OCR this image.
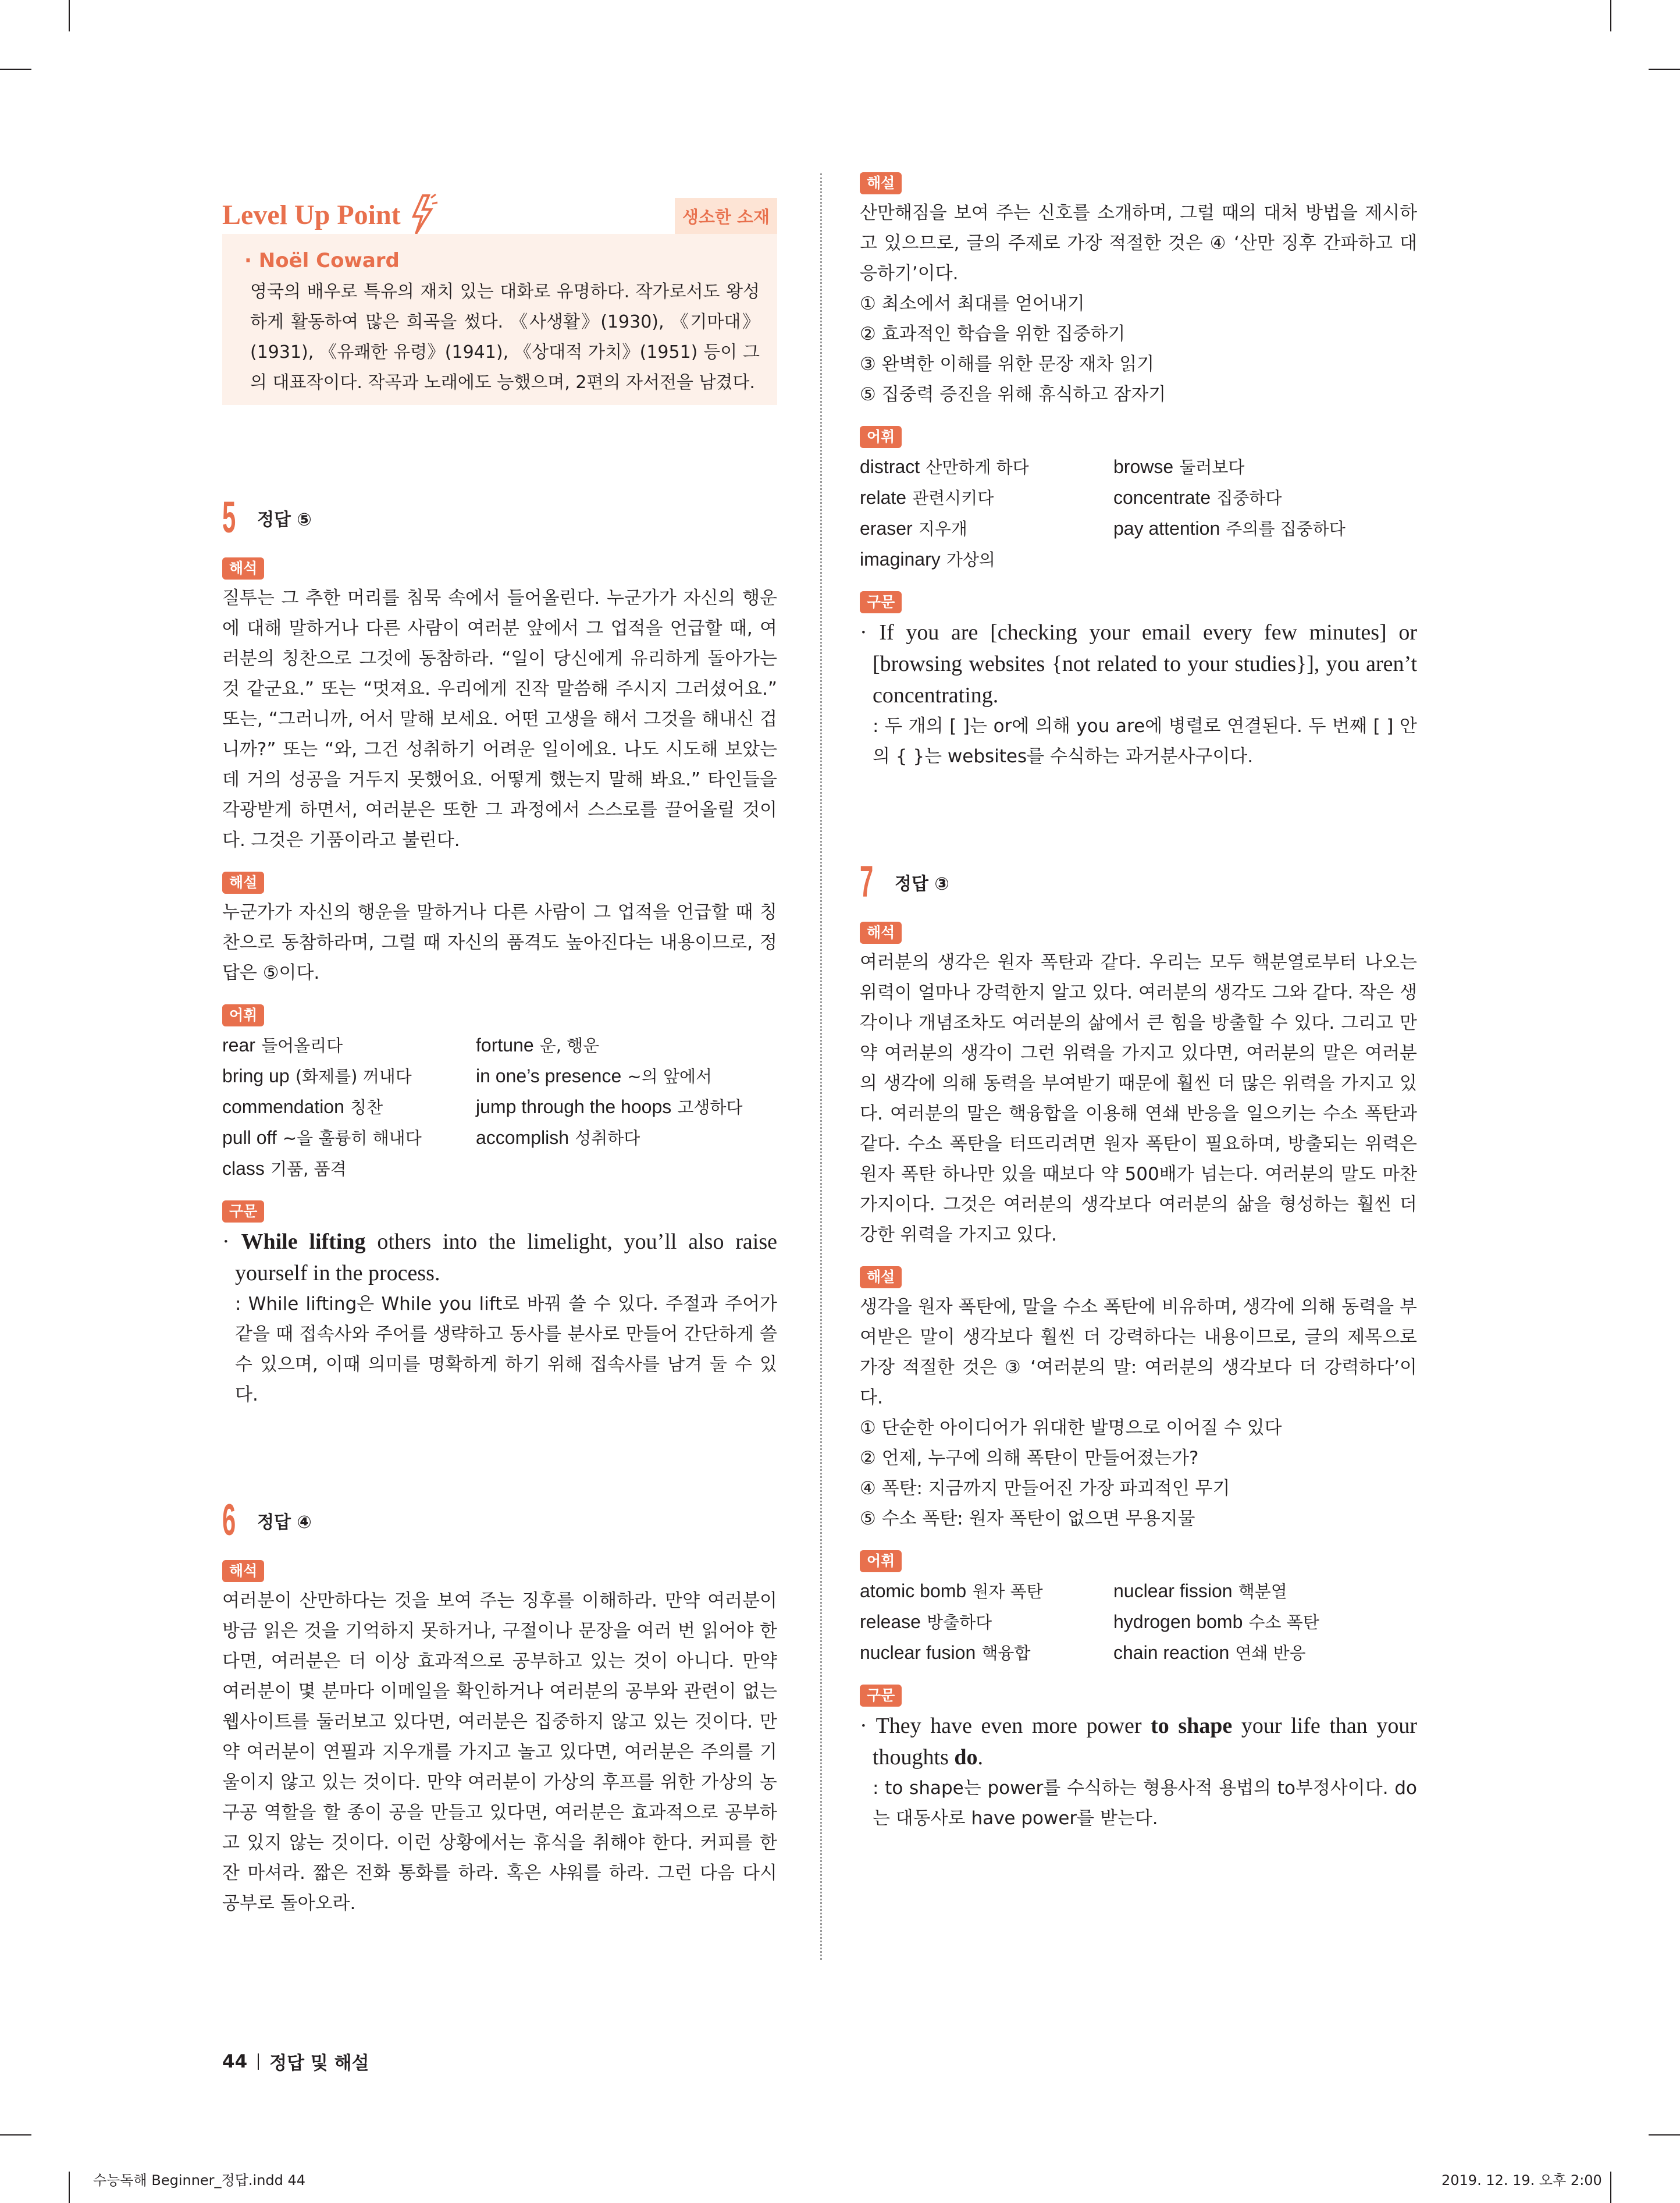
Level Up Point	생소한 소재
· Noël Coward
영국의 배우로 특유의 재치 있는 대화로 유명하다. 작가로서도 왕성하게 활동하여 많은 희곡을 썼다. 《사생활》(1930), 《기마대》(1931), 《유쾌한 유령》(1941), 《상대적 가치》(1951) 등이 그의 대표작이다. 작곡과 노래에도 능했으며, 2편의 자서전을 남겼다.
5 정답 ⑤
해석

질투는 그 추한 머리를 침묵 속에서 들어올린다. 누군가가 자신의 행운에 대해 말하거나 다른 사람이 여러분 앞에서 그 업적을 언급할 때, 여러분의 칭찬으로 그것에 동참하라. “일이 당신에게 유리하게 돌아가는 것 같군요.” 또는 “멋져요. 우리에게 진작 말씀해 주시지 그러셨어요.” 또는, “그러니까, 어서 말해 보세요. 어떤 고생을 해서 그것을 해내신 겁니까?” 또는 “와, 그건 성취하기 어려운 일이에요. 나도 시도해 보았는데 거의 성공을 거두지 못했어요. 어떻게 했는지 말해 봐요.” 타인들을 각광받게 하면서, 여러분은 또한 그 과정에서 스스로를 끌어올릴 것이다. 그것은 기품이라고 불린다.

해설

누군가가 자신의 행운을 말하거나 다른 사람이 그 업적을 언급할 때 칭찬으로 동참하라며, 그럴 때 자신의 품격도 높아진다는 내용이므로, 정답은 ⑤이다.

어휘
rear 들어올리다	fortune 운, 행운
bring up (화제를) 꺼내다	in one’s presence ~의 앞에서
commendation 칭찬	jump through the hoops 고생하다
pull off ~을 훌륭히 해내다	accomplish 성취하다
class 기품, 품격
구문

· While lifting others into the limelight, you’ll also raise yourself in the process.

: While lifting은 While you lift로 바꿔 쓸 수 있다. 주절과 주어가 같을 때 접속사와 주어를 생략하고 동사를 분사로 만들어 간단하게 쓸 수 있으며, 이때 의미를 명확하게 하기 위해 접속사를 남겨 둘 수 있다.

6 정답 ④
해석

여러분이 산만하다는 것을 보여 주는 징후를 이해하라. 만약 여러분이 방금 읽은 것을 기억하지 못하거나, 구절이나 문장을 여러 번 읽어야 한다면, 여러분은 더 이상 효과적으로 공부하고 있는 것이 아니다. 만약 여러분이 몇 분마다 이메일을 확인하거나 여러분의 공부와 관련이 없는 웹사이트를 둘러보고 있다면, 여러분은 집중하지 않고 있는 것이다. 만약 여러분이 연필과 지우개를 가지고 놀고 있다면, 여러분은 주의를 기울이지 않고 있는 것이다. 만약 여러분이 가상의 후프를 위한 가상의 농구공 역할을 할 종이 공을 만들고 있다면, 여러분은 효과적으로 공부하고 있지 않는 것이다. 이런 상황에서는 휴식을 취해야 한다. 커피를 한 잔 마셔라. 짧은 전화 통화를 하라. 혹은 샤워를 하라. 그런 다음 다시 공부로 돌아오라.

해설

산만해짐을 보여 주는 신호를 소개하며, 그럴 때의 대처 방법을 제시하고 있으므로, 글의 주제로 가장 적절한 것은 ④ ‘산만 징후 간파하고 대응하기’이다.

① 최소에서 최대를 얻어내기

② 효과적인 학습을 위한 집중하기

③ 완벽한 이해를 위한 문장 재차 읽기

⑤ 집중력 증진을 위해 휴식하고 잠자기

어휘
distract 산만하게 하다	browse 둘러보다
relate 관련시키다	concentrate 집중하다
eraser 지우개	pay attention 주의를 집중하다
imaginary 가상의
구문

· If you are [checking your email every few minutes] or [browsing websites {not related to your studies}], you aren’t concentrating.

: 두 개의 [ ]는 or에 의해 you are에 병렬로 연결된다. 두 번째 [ ] 안의 { }는 websites를 수식하는 과거분사구이다.

7 정답 ③
해석

여러분의 생각은 원자 폭탄과 같다. 우리는 모두 핵분열로부터 나오는 위력이 얼마나 강력한지 알고 있다. 여러분의 생각도 그와 같다. 작은 생각이나 개념조차도 여러분의 삶에서 큰 힘을 방출할 수 있다. 그리고 만약 여러분의 생각이 그런 위력을 가지고 있다면, 여러분의 말은 여러분의 생각에 의해 동력을 부여받기 때문에 훨씬 더 많은 위력을 가지고 있다. 여러분의 말은 핵융합을 이용해 연쇄 반응을 일으키는 수소 폭탄과 같다. 수소 폭탄을 터뜨리려면 원자 폭탄이 필요하며, 방출되는 위력은 원자 폭탄 하나만 있을 때보다 약 500배가 넘는다. 여러분의 말도 마찬가지이다. 그것은 여러분의 생각보다 여러분의 삶을 형성하는 훨씬 더 강한 위력을 가지고 있다.

해설

생각을 원자 폭탄에, 말을 수소 폭탄에 비유하며, 생각에 의해 동력을 부여받은 말이 생각보다 훨씬 더 강력하다는 내용이므로, 글의 제목으로 가장 적절한 것은 ③ ‘여러분의 말: 여러분의 생각보다 더 강력하다’이다.

① 단순한 아이디어가 위대한 발명으로 이어질 수 있다

② 언제, 누구에 의해 폭탄이 만들어졌는가?

④ 폭탄: 지금까지 만들어진 가장 파괴적인 무기

⑤ 수소 폭탄: 원자 폭탄이 없으면 무용지물

어휘
atomic bomb 원자 폭탄	nuclear fission 핵분열
release 방출하다	hydrogen bomb 수소 폭탄
nuclear fusion 핵융합	chain reaction 연쇄 반응
구문

· They have even more power to shape your life than your thoughts do.

: to shape는 power를 수식하는 형용사적 용법의 to부정사이다. do는 대동사로 have power를 받는다.

44 정답 및 해설
수능독해 Beginner_정답.indd 44	2019. 12. 19. 오후 2:00
